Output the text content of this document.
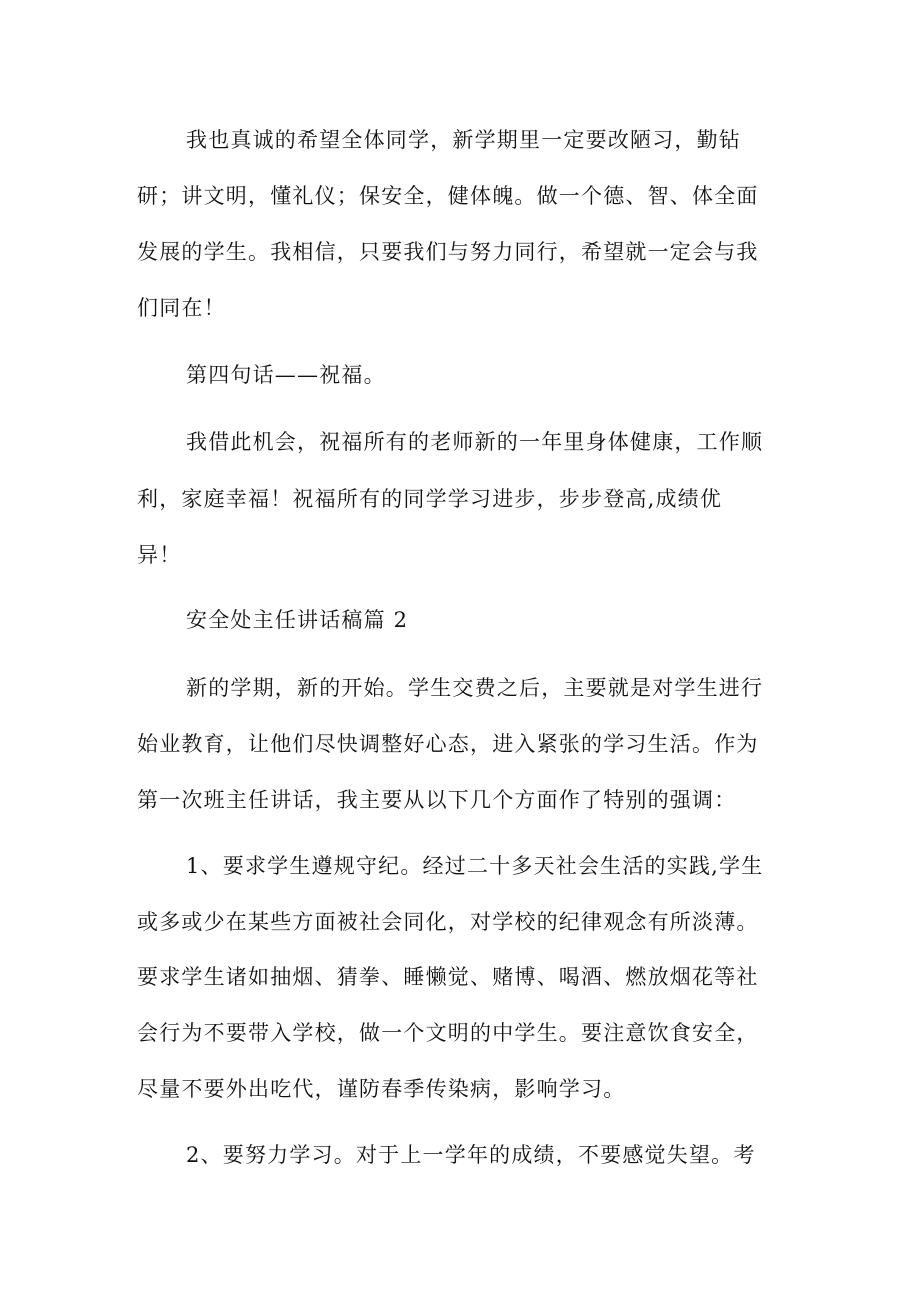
我也真诚的希望全体同学，新学期里一定要改陋习，勤钻
研；讲文明，懂礼仪；保安全，健体魄。做一个德、智、体全面
发展的学生。我相信，只要我们与努力同行，希望就一定会与我
们同在！
第四句话——祝福。
我借此机会，祝福所有的老师新的一年里身体健康，工作顺
利，家庭幸福！祝福所有的同学学习进步，步步登高,成绩优
异！
安全处主任讲话稿篇 2
新的学期，新的开始。学生交费之后，主要就是对学生进行
始业教育，让他们尽快调整好心态，进入紧张的学习生活。作为
第一次班主任讲话，我主要从以下几个方面作了特别的强调：
1、要求学生遵规守纪。经过二十多天社会生活的实践,学生
或多或少在某些方面被社会同化，对学校的纪律观念有所淡薄。
要求学生诸如抽烟、猜拳、睡懒觉、赌博、喝酒、燃放烟花等社
会行为不要带入学校，做一个文明的中学生。要注意饮食安全，
尽量不要外出吃代，谨防春季传染病，影响学习。
2、要努力学习。对于上一学年的成绩，不要感觉失望。考
